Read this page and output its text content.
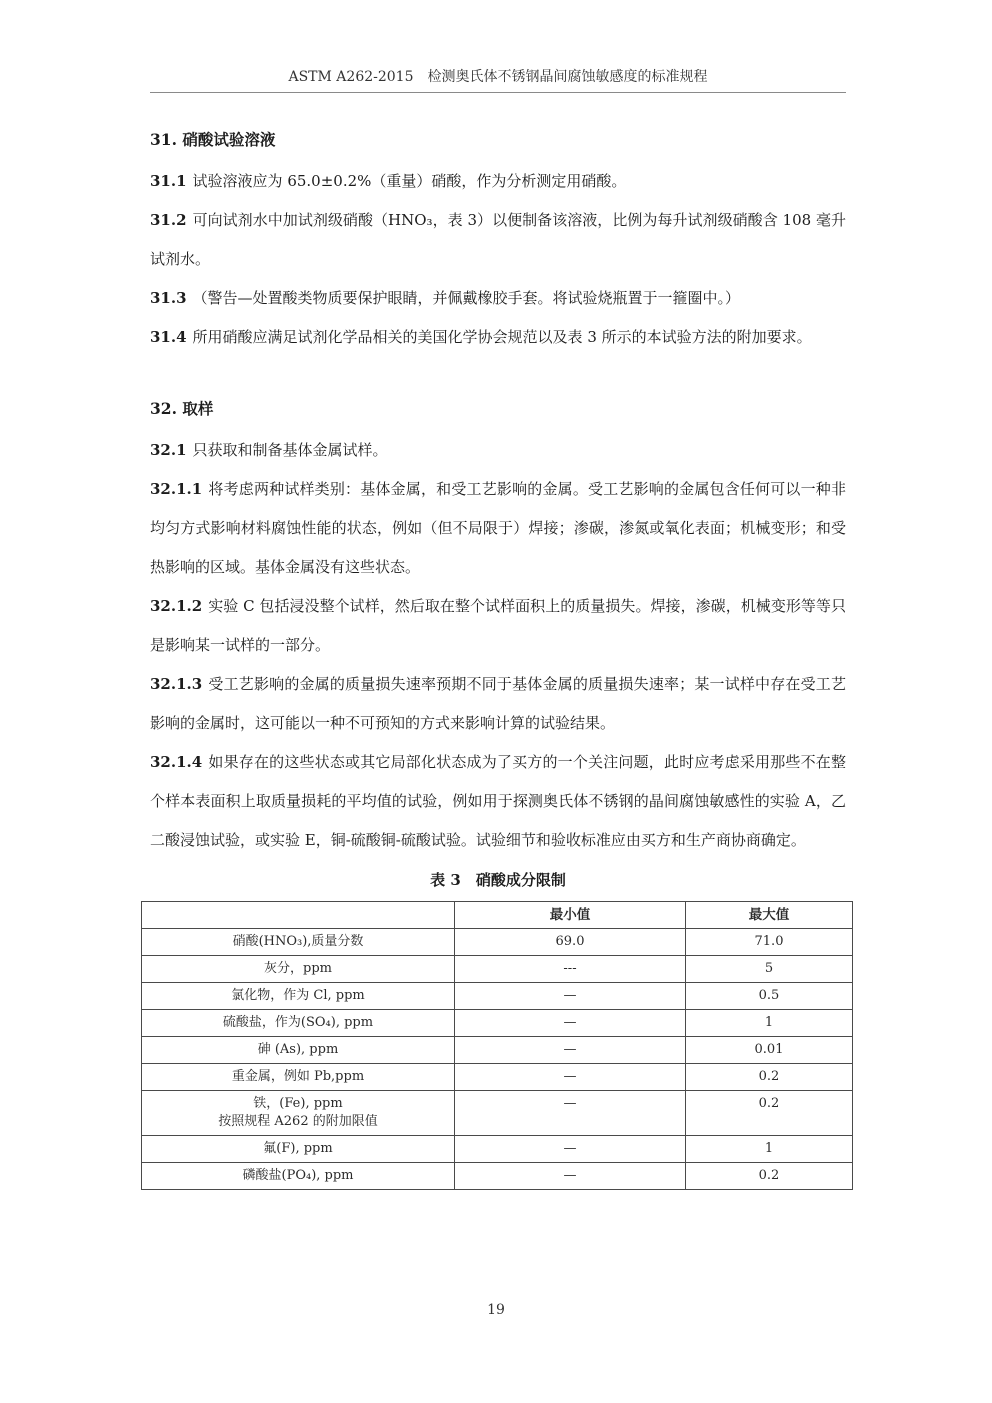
ASTM A262-2015　检测奥氏体不锈钢晶间腐蚀敏感度的标准规程
31. 硝酸试验溶液

31.1 试验溶液应为 65.0±0.2%（重量）硝酸，作为分析测定用硝酸。

31.2 可向试剂水中加试剂级硝酸（HNO₃，表 3）以便制备该溶液，比例为每升试剂级硝酸含 108 毫升试剂水。

31.3 （警告—处置酸类物质要保护眼睛，并佩戴橡胶手套。将试验烧瓶置于一箍圈中。）

31.4 所用硝酸应满足试剂化学品相关的美国化学协会规范以及表 3 所示的本试验方法的附加要求。

32. 取样

32.1 只获取和制备基体金属试样。

32.1.1 将考虑两种试样类别：基体金属，和受工艺影响的金属。受工艺影响的金属包含任何可以一种非均匀方式影响材料腐蚀性能的状态，例如（但不局限于）焊接；渗碳，渗氮或氧化表面；机械变形；和受热影响的区域。基体金属没有这些状态。

32.1.2 实验 C 包括浸没整个试样，然后取在整个试样面积上的质量损失。焊接，渗碳，机械变形等等只是影响某一试样的一部分。

32.1.3 受工艺影响的金属的质量损失速率预期不同于基体金属的质量损失速率；某一试样中存在受工艺影响的金属时，这可能以一种不可预知的方式来影响计算的试验结果。

32.1.4 如果存在的这些状态或其它局部化状态成为了买方的一个关注问题，此时应考虑采用那些不在整个样本表面积上取质量损耗的平均值的试验，例如用于探测奥氏体不锈钢的晶间腐蚀敏感性的实验 A，乙二酸浸蚀试验，或实验 E，铜-硫酸铜-硫酸试验。试验细节和验收标准应由买方和生产商协商确定。

表 3　硝酸成分限制
	最小值	最大值
硝酸(HNO₃),质量分数	69.0	71.0
灰分，ppm	---	5
氯化物，作为 Cl, ppm	—	0.5
硫酸盐，作为(SO₄), ppm	—	1
砷 (As), ppm	—	0.01
重金属，例如 Pb,ppm	—	0.2
铁，(Fe), ppm
按照规程 A262 的附加限值	—	0.2
氟(F), ppm	—	1
磷酸盐(PO₄), ppm	—	0.2
19
